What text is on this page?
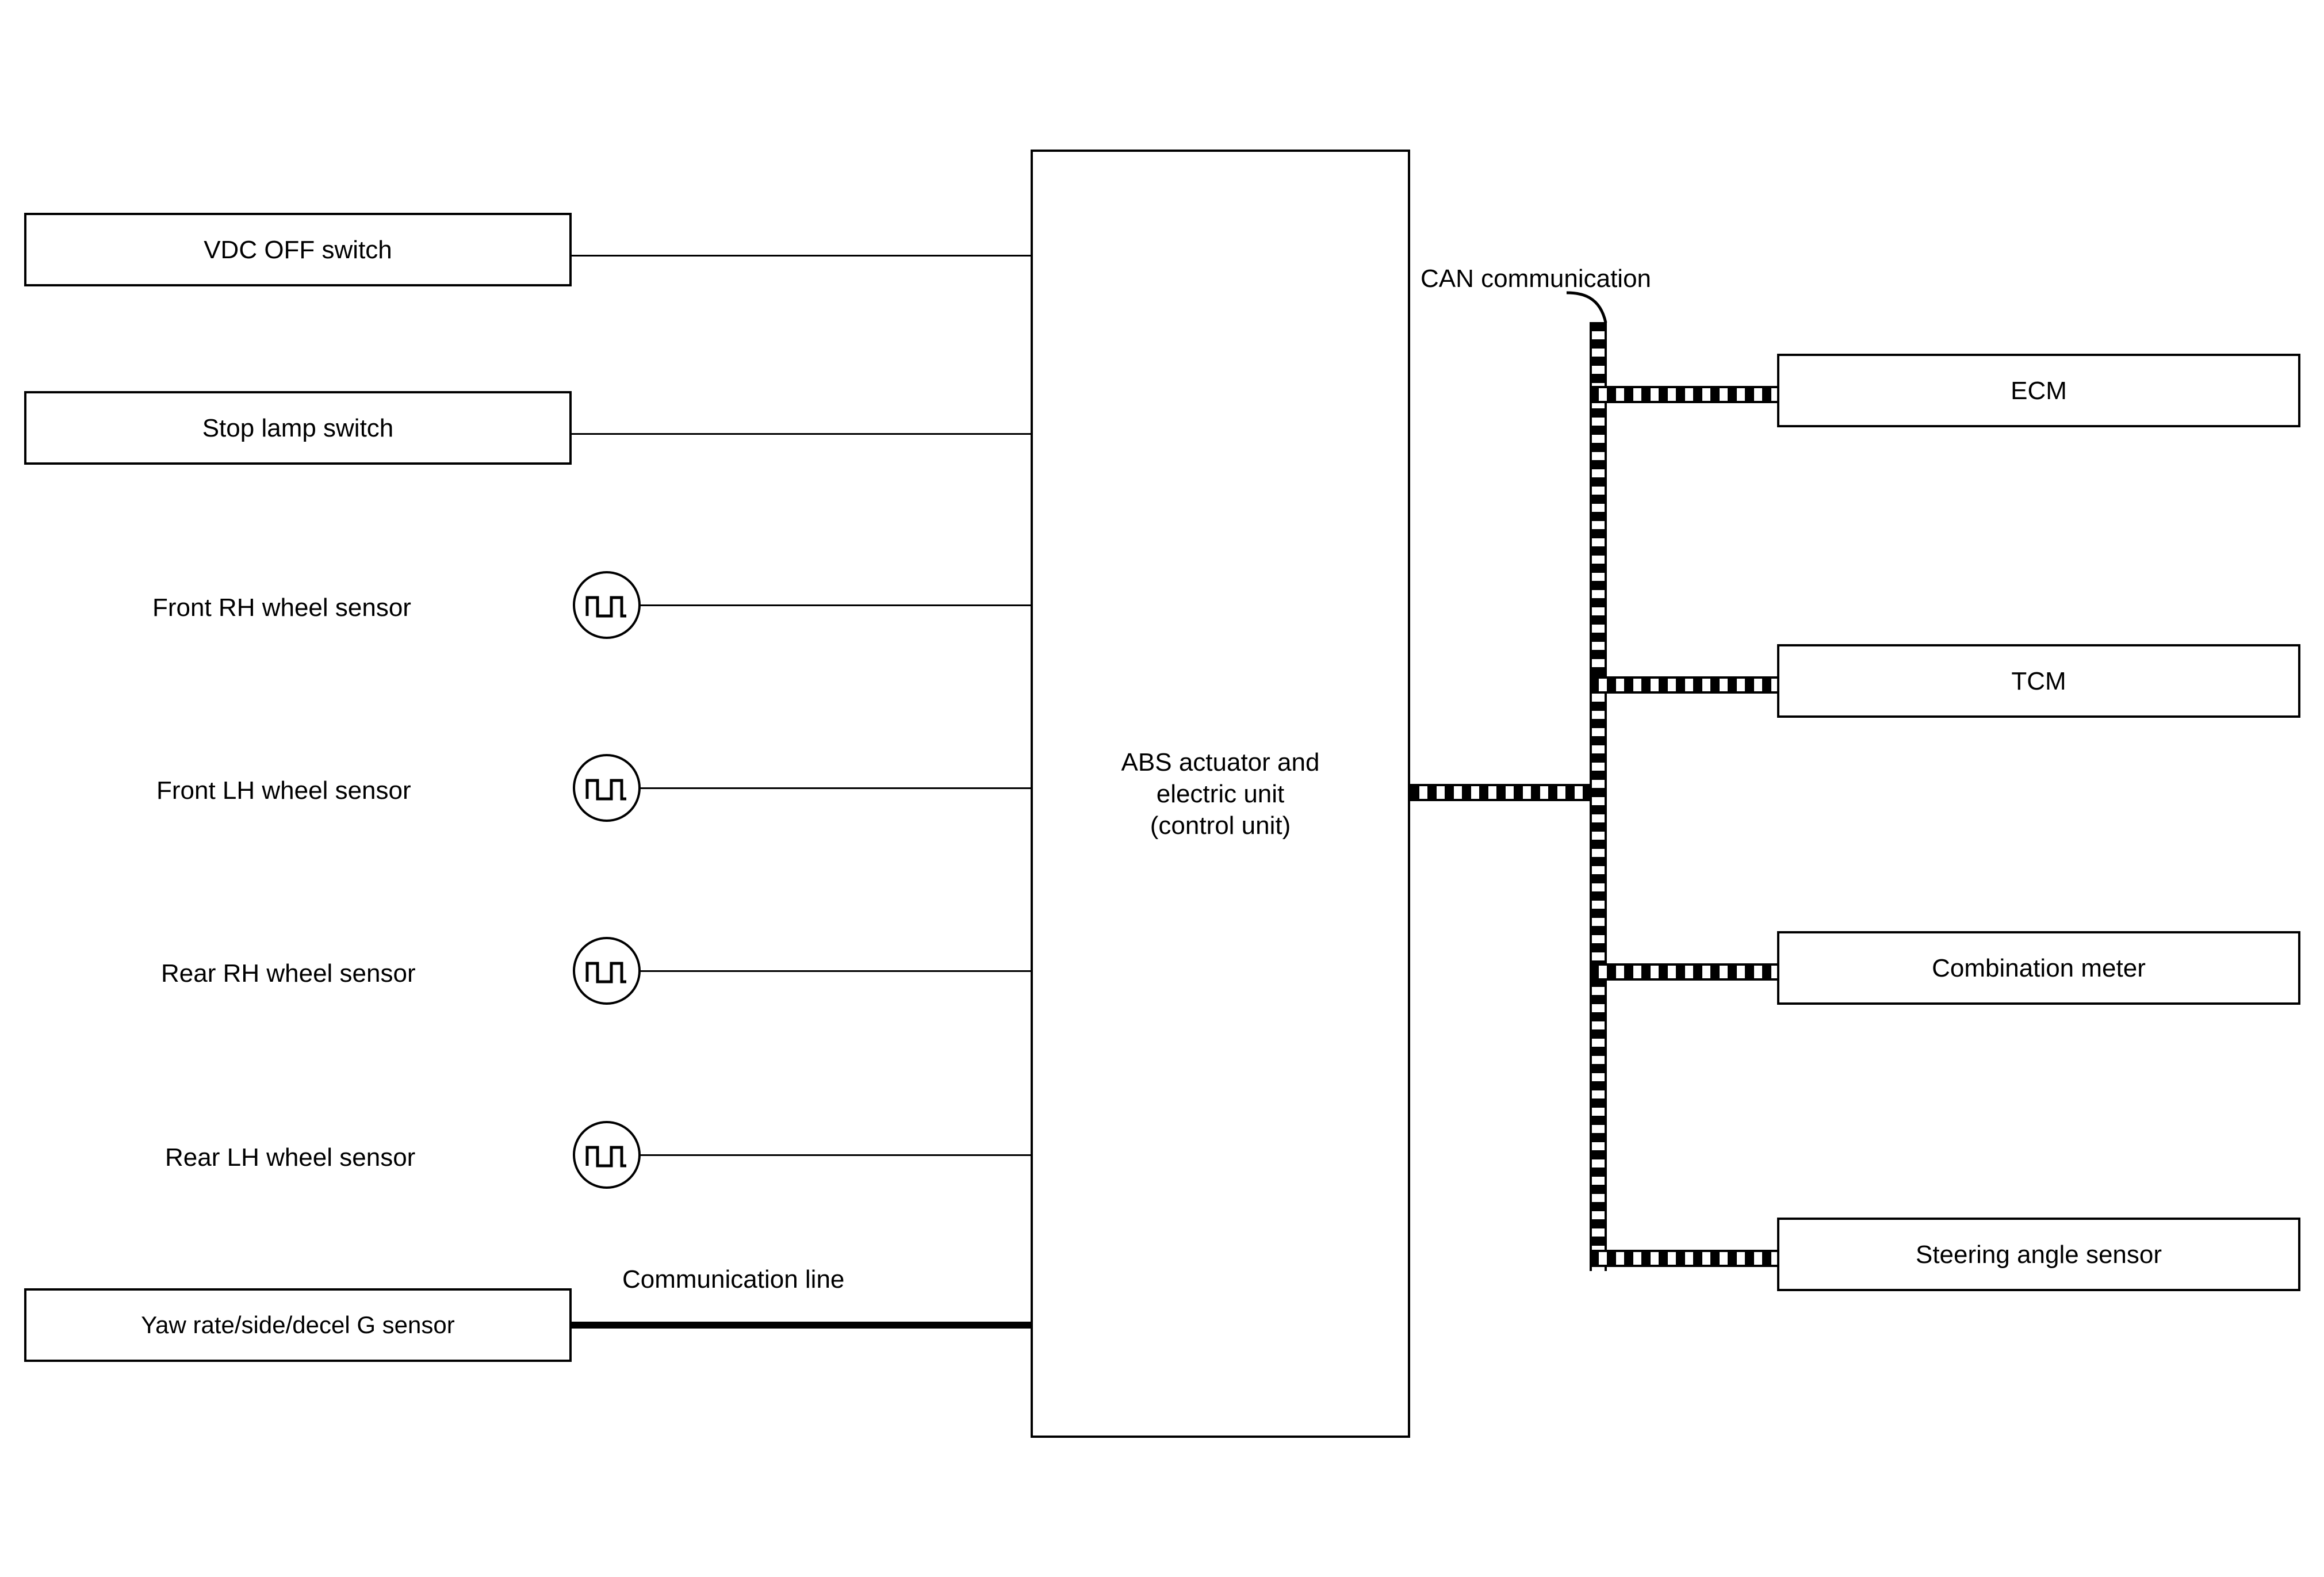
VDC OFF switch
Stop lamp switch
Front RH wheel sensor
Front LH wheel sensor
Rear RH wheel sensor
Rear LH wheel sensor
Yaw rate/side/decel G sensor
Communication line
ABS actuator and
electric unit
(control unit)
CAN communication
ECM
TCM
Combination meter
Steering angle sensor
